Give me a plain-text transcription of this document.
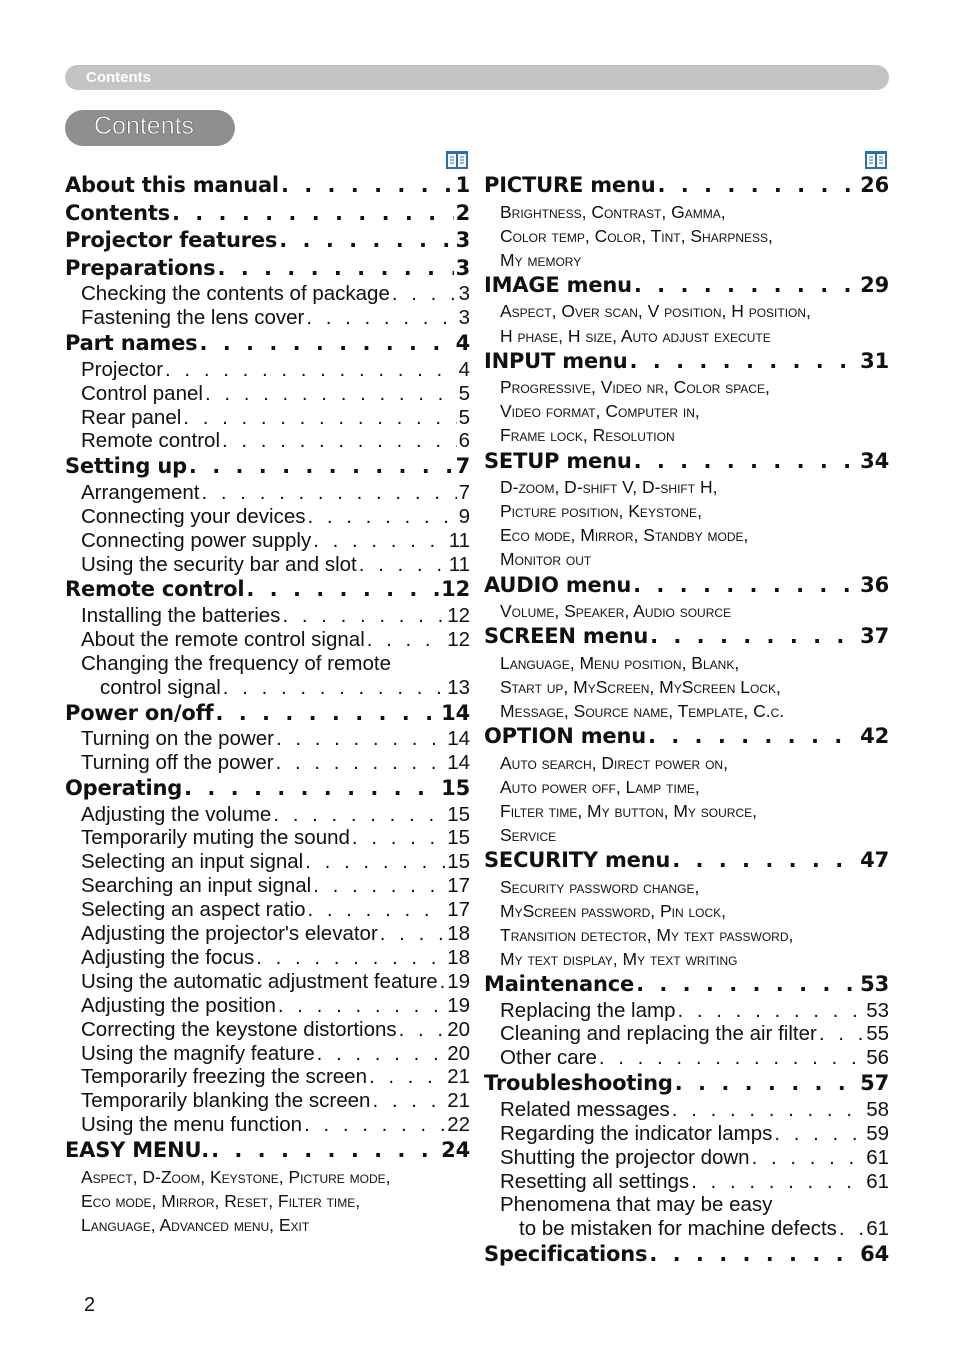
Contents
Contents
About this manual . . .	1
Contents . . .	2
Projector features . . .	3
Preparations . . .	3
Checking the contents of package . . .	3
Fastening the lens cover . . .	3
Part names . . .	4
Projector . . .	4
Control panel . . .	5
Rear panel . . .	5
Remote control . . .	6
Setting up . . .	7
Arrangement . . .	7
Connecting your devices . . .	9
Connecting power supply . . .	11
Using the security bar and slot . . .	11
Remote control . . .	12
Installing the batteries . . .	12
About the remote control signal . . .	12
Changing the frequency of remote
control signal . . .	13
Power on/off . . .	14
Turning on the power . . .	14
Turning off the power . . .	14
Operating . . .	15
Adjusting the volume . . .	15
Temporarily muting the sound . . .	15
Selecting an input signal . . .	15
Searching an input signal . . .	17
Selecting an aspect ratio . . .	17
Adjusting the projector's elevator . . .	18
Adjusting the focus . . .	18
Using the automatic adjustment feature . . . 19
Adjusting the position . . .	19
Correcting the keystone distortions . . . 20
Using the magnify feature . . .	20
Temporarily freezing the screen . . .	21
Temporarily blanking the screen . . .	21
Using the menu function . . .	22
EASY MENU. . . .	24
Aspect, D-Zoom, Keystone, Picture mode,
Eco mode, Mirror, Reset, Filter time,
Language, Advanced menu, Exit
PICTURE menu . . .	26
Brightness, Contrast, Gamma,
Color temp, Color, Tint, Sharpness,
My memory
IMAGE menu . . .	29
Aspect, Over scan, V position, H position,
H phase, H size, Auto adjust execute
INPUT menu . . .	31
Progressive, Video nr, Color space,
Video format, Computer in,
Frame lock, Resolution
SETUP menu . . .	34
D-zoom, D-shift V, D-shift H,
Picture position, Keystone,
Eco mode, Mirror, Standby mode,
Monitor out
AUDIO menu . . .	36
Volume, Speaker, Audio source
SCREEN menu . . .	37
Language, Menu position, Blank,
Start up, MyScreen, MyScreen Lock,
Message, Source name, Template, C.c.
OPTION menu . . .	42
Auto search, Direct power on,
Auto power off, Lamp time,
Filter time, My button, My source,
Service
SECURITY menu . . .	47
Security password change,
MyScreen password, Pin lock,
Transition detector, My text password,
My text display, My text writing
Maintenance . . .	53
Replacing the lamp . . .	53
Cleaning and replacing the air filter . . . 55
Other care . . .	56
Troubleshooting . . .	57
Related messages . . .	58
Regarding the indicator lamps . . .	59
Shutting the projector down . . .	61
Resetting all settings . . .	61
Phenomena that may be easy
to be mistaken for machine defects . . . 61
Specifications . . .	64
2
